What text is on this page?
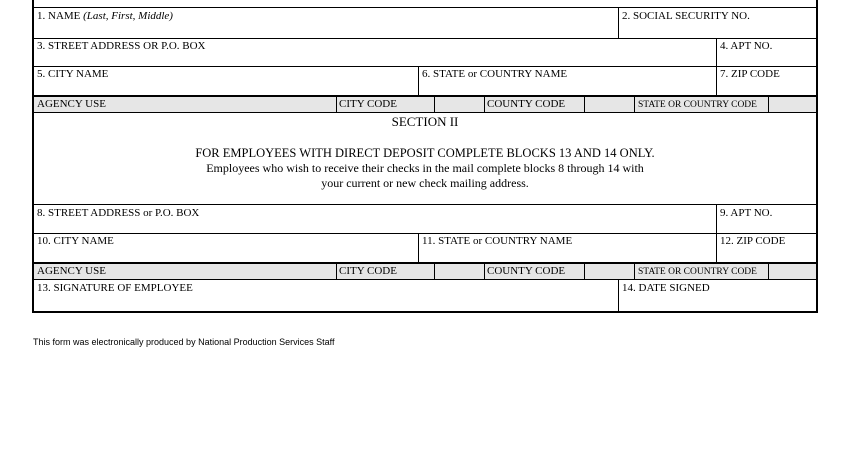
1. NAME (Last, First, Middle)	2. SOCIAL SECURITY NO.
3. STREET ADDRESS OR P.O. BOX	4. APT NO.
5. CITY NAME	6. STATE or COUNTRY NAME	7. ZIP CODE
AGENCY USE	CITY CODE	COUNTY CODE	STATE OR COUNTRY CODE
SECTION II
FOR EMPLOYEES WITH DIRECT DEPOSIT COMPLETE BLOCKS 13 AND 14 ONLY.
Employees who wish to receive their checks in the mail complete blocks 8 through 14 with
your current or new check mailing address.
8. STREET ADDRESS or P.O. BOX	9. APT NO.
10. CITY NAME	11. STATE or COUNTRY NAME	12. ZIP CODE
AGENCY USE	CITY CODE	COUNTY CODE	STATE OR COUNTRY CODE
13. SIGNATURE OF EMPLOYEE	14. DATE SIGNED
This form was electronically produced by National Production Services Staff
